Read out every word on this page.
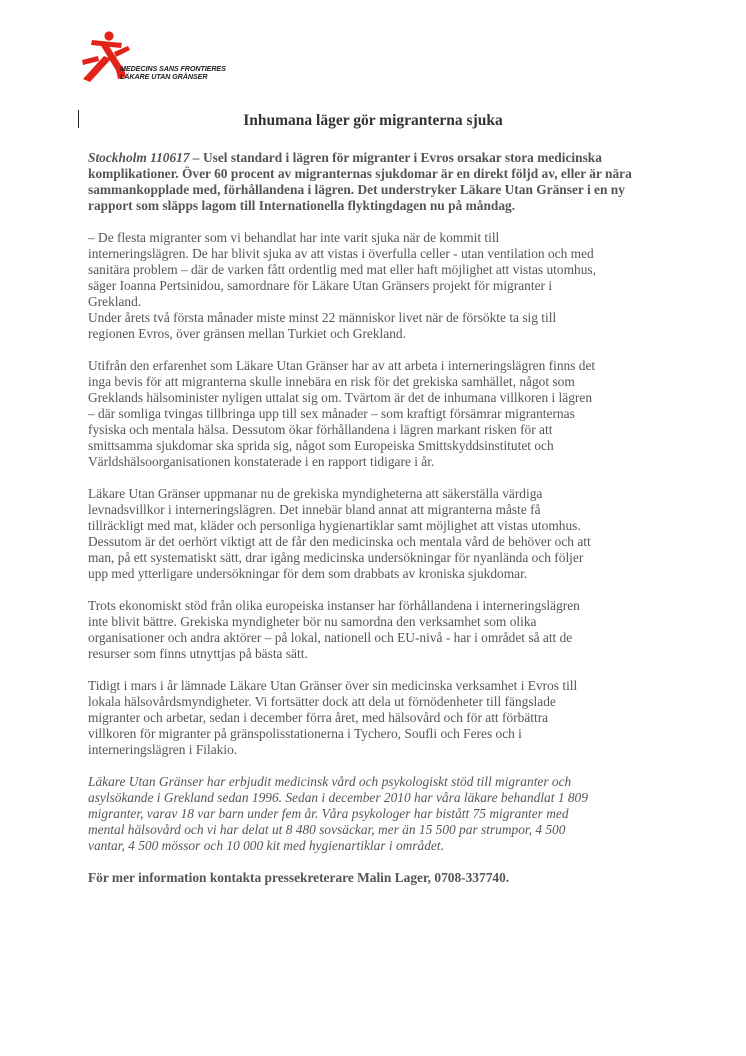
MEDECINS SANS FRONTIERES
LÄKARE UTAN GRÄNSER
Inhumana läger gör migranterna sjuka

Stockholm 110617 – Usel standard i lägren för migranter i Evros orsakar stora medicinska
komplikationer. Över 60 procent av migranternas sjukdomar är en direkt följd av, eller är nära
sammankopplade med, förhållandena i lägren. Det understryker Läkare Utan Gränser i en ny
rapport som släpps lagom till Internationella flyktingdagen nu på måndag.

– De flesta migranter som vi behandlat har inte varit sjuka när de kommit till
interneringslägren. De har blivit sjuka av att vistas i överfulla celler - utan ventilation och med
sanitära problem – där de varken fått ordentlig med mat eller haft möjlighet att vistas utomhus,
säger Ioanna Pertsinidou, samordnare för Läkare Utan Gränsers projekt för migranter i
Grekland.

Under årets två första månader miste minst 22 människor livet när de försökte ta sig till
regionen Evros, över gränsen mellan Turkiet och Grekland.

Utifrån den erfarenhet som Läkare Utan Gränser har av att arbeta i interneringslägren finns det
inga bevis för att migranterna skulle innebära en risk för det grekiska samhället, något som
Greklands hälsominister nyligen uttalat sig om. Tvärtom är det de inhumana villkoren i lägren
– där somliga tvingas tillbringa upp till sex månader – som kraftigt försämrar migranternas
fysiska och mentala hälsa. Dessutom ökar förhållandena i lägren markant risken för att
smittsamma sjukdomar ska sprida sig, något som Europeiska Smittskyddsinstitutet och
Världshälsoorganisationen konstaterade i en rapport tidigare i år.

Läkare Utan Gränser uppmanar nu de grekiska myndigheterna att säkerställa värdiga
levnadsvillkor i interneringslägren. Det innebär bland annat att migranterna måste få
tillräckligt med mat, kläder och personliga hygienartiklar samt möjlighet att vistas utomhus.
Dessutom är det oerhört viktigt att de får den medicinska och mentala vård de behöver och att
man, på ett systematiskt sätt, drar igång medicinska undersökningar för nyanlända och följer
upp med ytterligare undersökningar för dem som drabbats av kroniska sjukdomar.

Trots ekonomiskt stöd från olika europeiska instanser har förhållandena i interneringslägren
inte blivit bättre. Grekiska myndigheter bör nu samordna den verksamhet som olika
organisationer och andra aktörer – på lokal, nationell och EU-nivå - har i området så att de
resurser som finns utnyttjas på bästa sätt.

Tidigt i mars i år lämnade Läkare Utan Gränser över sin medicinska verksamhet i Evros till
lokala hälsovårdsmyndigheter. Vi fortsätter dock att dela ut förnödenheter till fängslade
migranter och arbetar, sedan i december förra året, med hälsovård och för att förbättra
villkoren för migranter på gränspolisstationerna i Tychero, Soufli och Feres och i
interneringslägren i Filakio.

Läkare Utan Gränser har erbjudit medicinsk vård och psykologiskt stöd till migranter och
asylsökande i Grekland sedan 1996. Sedan i december 2010 har våra läkare behandlat 1 809
migranter, varav 18 var barn under fem år. Våra psykologer har bistått 75 migranter med
mental hälsovård och vi har delat ut 8 480 sovsäckar, mer än 15 500 par strumpor, 4 500
vantar, 4 500 mössor och 10 000 kit med hygienartiklar i området.

För mer information kontakta pressekreterare Malin Lager, 0708-337740.
